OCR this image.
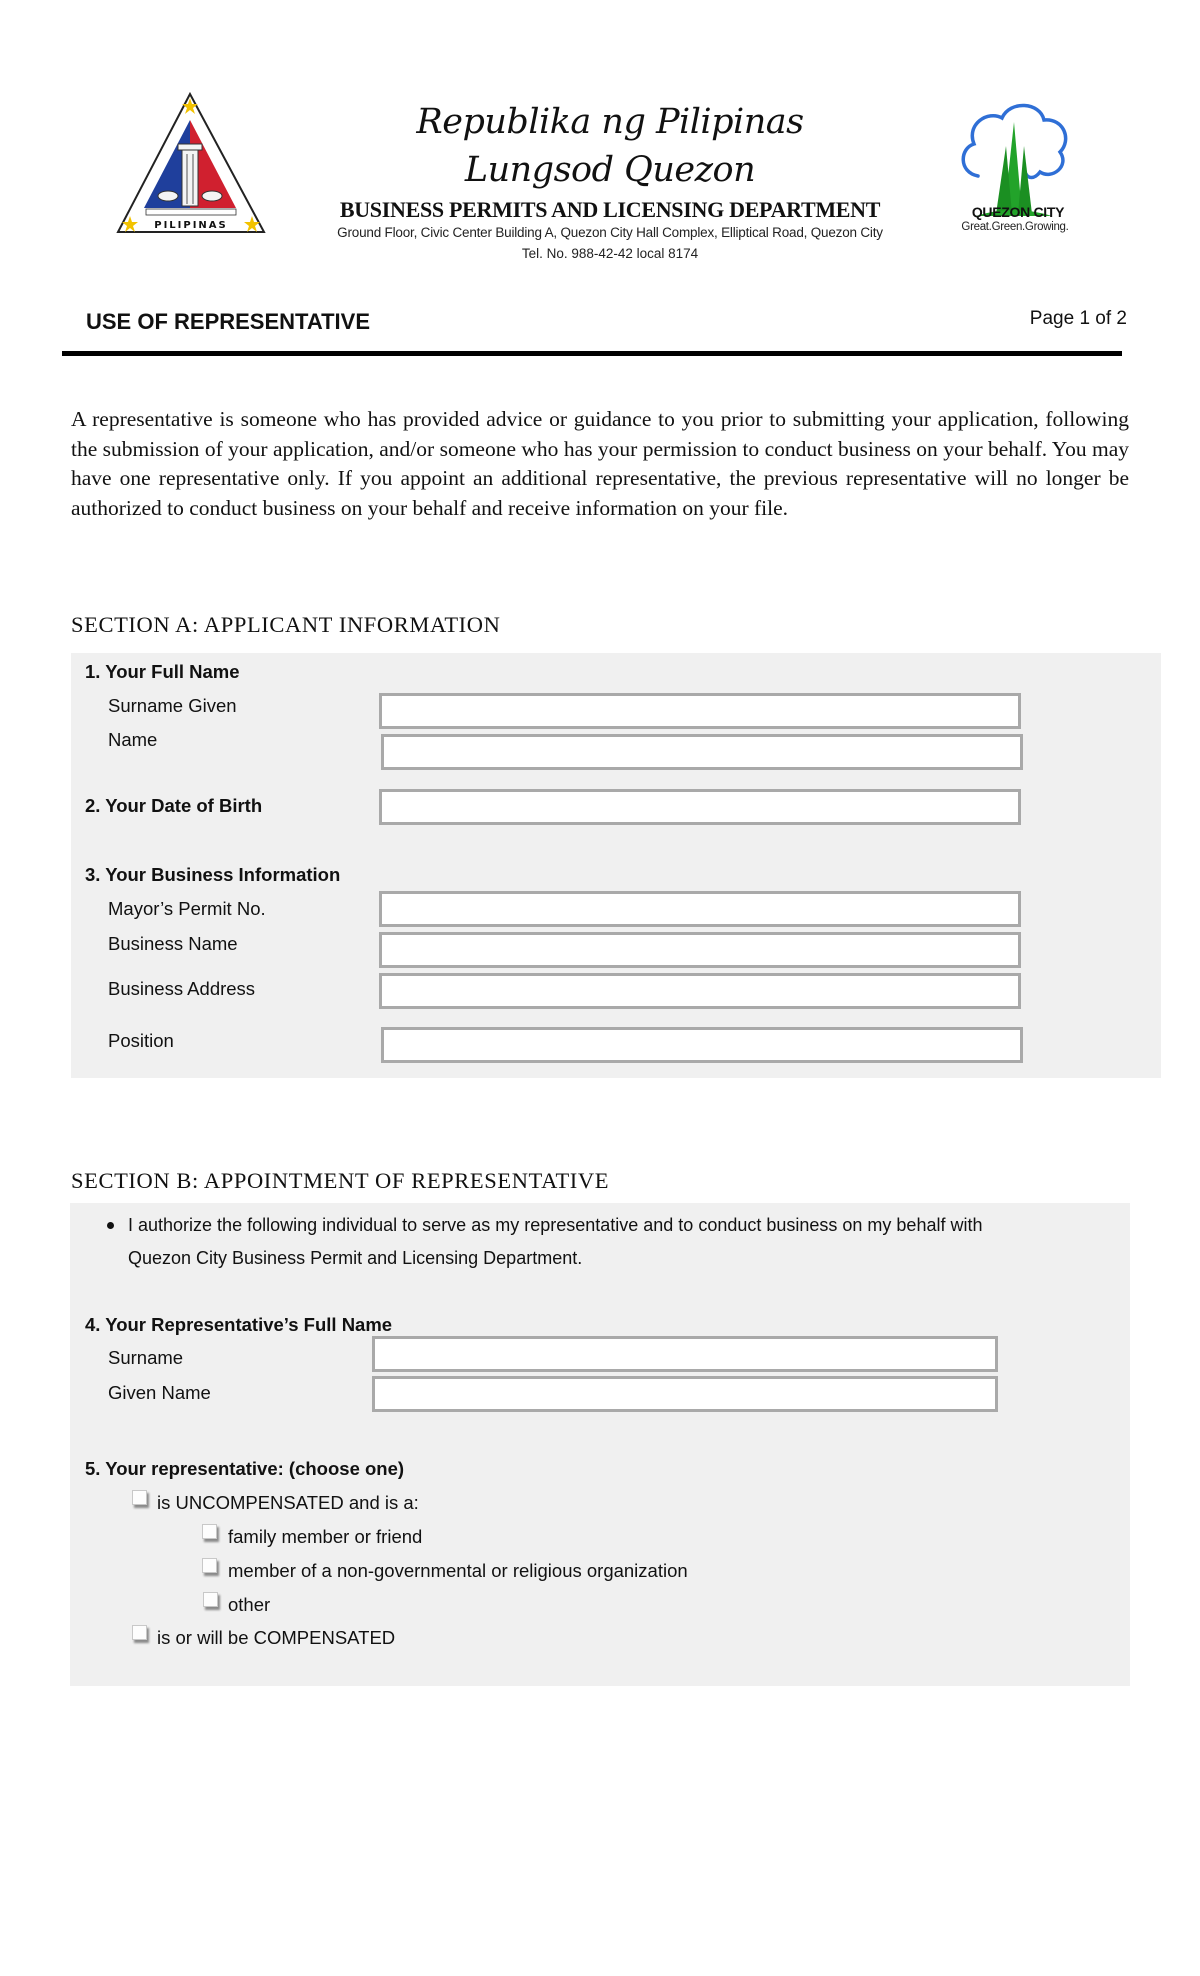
PILIPINAS
Republika ng Pilipinas
Lungsod Quezon
BUSINESS PERMITS AND LICENSING DEPARTMENT
Ground Floor, Civic Center Building A, Quezon City Hall Complex, Elliptical Road, Quezon City
Tel. No. 988-42-42 local 8174
QUEZON CITY
Great.Green.Growing.
USE OF REPRESENTATIVE	Page 1 of 2
A representative is someone who has provided advice or guidance to you prior to submitting your application, following the submission of your application, and/or someone who has your permission to conduct business on your behalf. You may have one representative only. If you appoint an additional representative, the previous representative will no longer be authorized to conduct business on your behalf and receive information on your file.
SECTION A: APPLICANT INFORMATION
1. Your Full Name
Surname Given
Name
2. Your Date of Birth
3. Your Business Information
Mayor’s Permit No.
Business Name
Business Address
Position
SECTION B: APPOINTMENT OF REPRESENTATIVE
I authorize the following individual to serve as my representative and to conduct business on my behalf with
Quezon City Business Permit and Licensing Department.
4. Your Representative’s Full Name
Surname
Given Name
5. Your representative: (choose one)
is UNCOMPENSATED and is a:
family member or friend
member of a non-governmental or religious organization
other
is or will be COMPENSATED
